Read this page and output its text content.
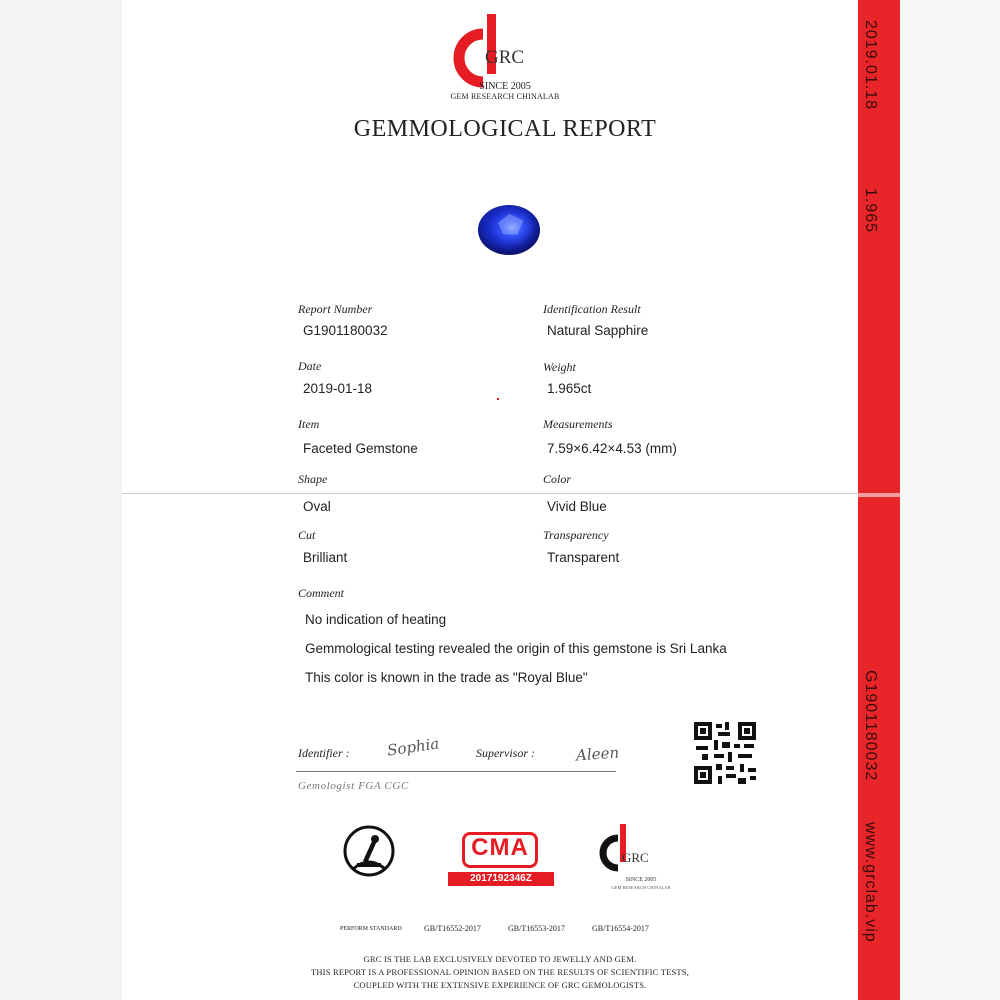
2019.01.18
1.965
G1901180032
www.grclab.vip
GRC
SINCE 2005
GEM RESEARCH CHINALAB
GEMMOLOGICAL REPORT
Report Number
G1901180032
Identification Result
Natural Sapphire
Date
2019-01-18
Weight
1.965ct
Item
Faceted Gemstone
Measurements
7.59×6.42×4.53 (mm)
Shape
Oval
Color
Vivid Blue
Cut
Brilliant
Transparency
Transparent
Comment
No indication of heating
Gemmological testing revealed the origin of this gemstone is Sri Lanka
This color is known in the trade as "Royal Blue"
Identifier : Sophia	Supervisor :	Aleen
Gemologist FGA CGC
CMA
2017192346Z
GRC
SINCE 2005
GEM RESEARCH CHINALAB
PERFORM STANDARD	GB/T16552-2017	GB/T16553-2017	GB/T16554-2017
GRC IS THE LAB EXCLUSIVELY DEVOTED TO JEWELLY AND GEM.
THIS REPORT IS A PROFESSIONAL OPINION BASED ON THE RESULTS OF SCIENTIFIC TESTS,
COUPLED WITH THE EXTENSIVE EXPERIENCE OF GRC GEMOLOGISTS.
